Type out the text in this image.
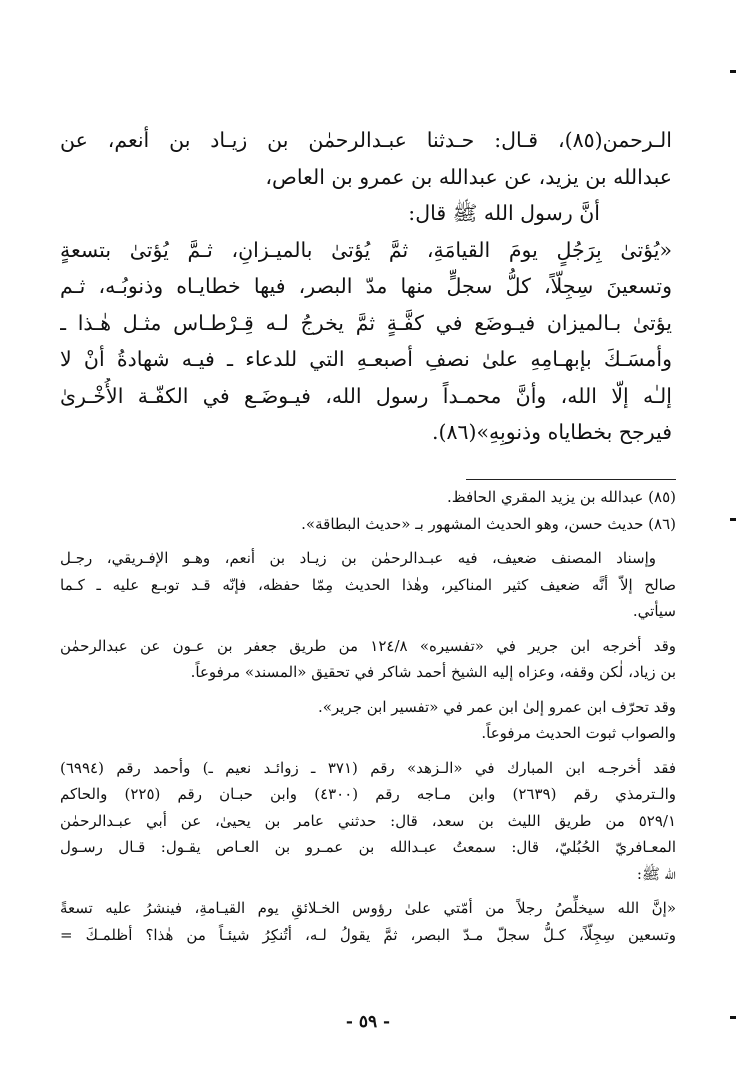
الـرحمن(٨٥)، قـال: حـدثنا عبـدالرحمٰن بن زيـاد بن أنعم، عن
عبدالله بن يزيد، عن عبدالله بن عمرو بن العاص،
أنَّ رسول الله ﷺ قال:
«يُؤتىٰ بِرَجُلٍ يومَ القيامَةِ، ثمَّ يُؤتىٰ بالميـزانِ، ثـمَّ يُؤتىٰ بتسعةٍ
وتسعينَ سِجِلّاً، كلُّ سجلٍّ منها مدّ البصر، فيها خطايـاه وذنوبُـه، ثـم
يؤتىٰ بـالميزان فيـوضَع في كفَّـةٍ ثمَّ يخرجُ لـه قِـرْطـاس مثـل هٰـذا ـ
وأمسَـكَ بإبهـامِهِ علىٰ نصفِ أصبعـهِ التي للدعاء ـ فيـه شهادةُ أنْ لا
إلـٰه إلّا الله، وأنَّ محمـداً رسول الله، فيـوضَـع في الكفّـة الأُخْـرىٰ
فيرجح بخطاياه وذنوبِهِ»(٨٦).
(٨٥) عبدالله بن يزيد المقري الحافظ.
(٨٦) حديث حسن، وهو الحديث المشهور بـ «حديث البطاقة».
وإسناد المصنف ضعيف، فيه عبـدالرحمٰن بن زيـاد بن أنعم، وهـو الإفـريقي، رجـل
صالح إلاّ أنَّه ضعيف كثير المناكير، وهٰذا الحديث مِمّا حفظه، فإنّه قـد توبـع عليه ـ كـما
سيأتي.
وقد أخرجه ابن جرير في «تفسيره» ١٢٤/٨ من طريق جعفر بن عـون عن عبدالرحمٰن
بن زياد، لٰكن وقفه، وعزاه إليه الشيخ أحمد شاكر في تحقيق «المسند» مرفوعاً.
وقد تحرّف ابن عمرو إلىٰ ابن عمر في «تفسير ابن جرير».
والصواب ثبوت الحديث مرفوعاً.
فقد أخرجـه ابن المبارك في «الـزهد» رقم (٣٧١ ـ زوائـد نعيم ـ) وأحمد رقم (٦٩٩٤)
والـترمذي رقم (٢٦٣٩) وابن مـاجه رقم (٤٣٠٠) وابن حبـان رقم (٢٢٥) والحاكم
٥٢٩/١ من طريق الليث بن سعد، قال: حدثني عامر بن يحيىٰ، عن أبي عبـدالرحمٰن
المعـافريّ الحُبُليّ، قال: سمعتُ عبـدالله بن عمـرو بن العـاص يقـول: قـال رسـول
الله ﷺ:
«إنَّ الله سيخلِّصُ رجلاً من أمّتي علىٰ رؤوس الخـلائقِ يوم القيـامةِ، فينشرُ عليه تسعةً
وتسعين سِجِلّاً، كـلُّ سجلّ مـدّ البصر، ثمَّ يقولُ لـه، أتُنكِرُ شيئـاً من هٰذا؟ أظلمـكَ =
- ٥٩ -
